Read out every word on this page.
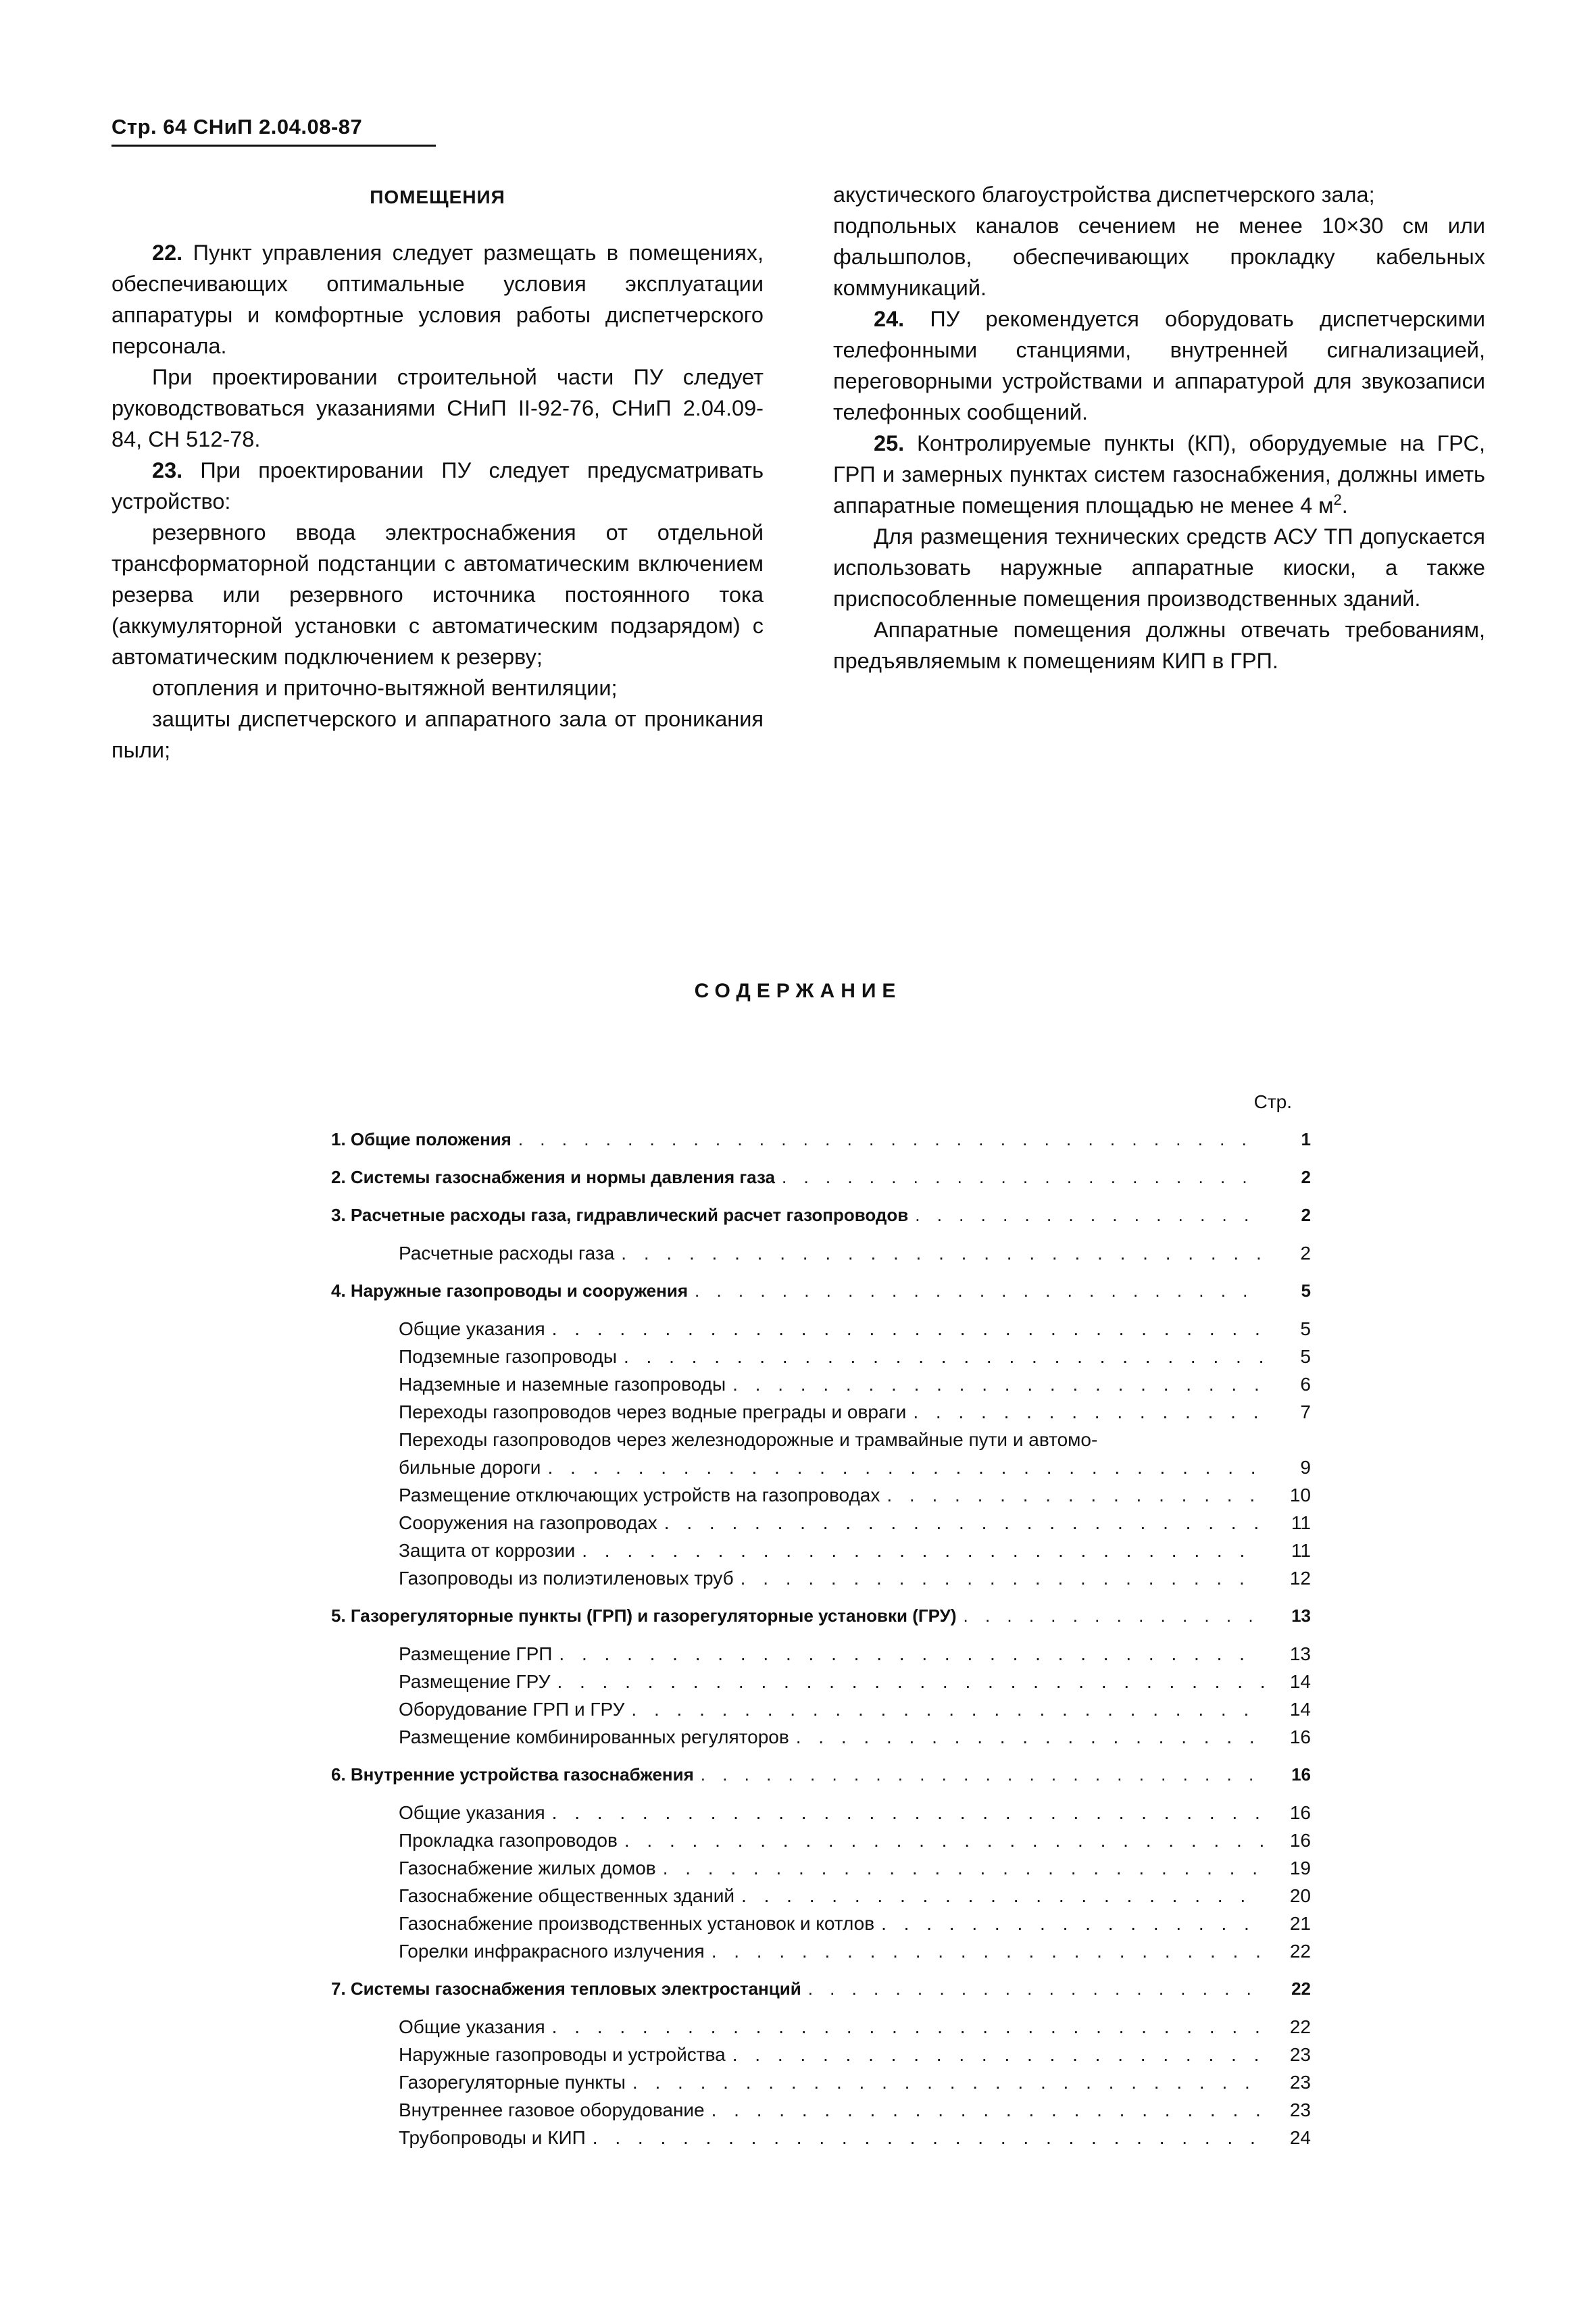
Стр. 64 СНиП 2.04.08-87
ПОМЕЩЕНИЯ

22. Пункт управления следует размещать в помещениях, обеспечивающих оптимальные условия эксплуатации аппаратуры и комфортные условия работы диспетчерского персонала.

При проектировании строительной части ПУ следует руководствоваться указаниями СНиП II-92-76, СНиП 2.04.09-84, СН 512-78.

23. При проектировании ПУ следует предусматривать устройство:

резервного ввода электроснабжения от отдельной трансформаторной подстанции с автоматическим включением резерва или резервного источника постоянного тока (аккумуляторной установки с автоматическим подзарядом) с автоматическим подключением к резерву;

отопления и приточно-вытяжной вентиляции;

защиты диспетчерского и аппаратного зала от проникания пыли;

акустического благоустройства диспетчерского зала;

подпольных каналов сечением не менее 10×30 см или фальшполов, обеспечивающих прокладку кабельных коммуникаций.

24. ПУ рекомендуется оборудовать диспетчерскими телефонными станциями, внутренней сигнализацией, переговорными устройствами и аппаратурой для звукозаписи телефонных сообщений.

25. Контролируемые пункты (КП), оборудуемые на ГРС, ГРП и замерных пунктах систем газоснабжения, должны иметь аппаратные помещения площадью не менее 4 $м^2$.

Для размещения технических средств АСУ ТП допускается использовать наружные аппаратные киоски, а также приспособленные помещения производственных зданий.

Аппаратные помещения должны отвечать требованиям, предъявляемым к помещениям КИП в ГРП.

СОДЕРЖАНИЕ
Стр.
1. Общие положения . . .	1
2. Системы газоснабжения и нормы давления газа . . .	2
3. Расчетные расходы газа, гидравлический расчет газопроводов . . .	2
Расчетные расходы газа . . .	2
4. Наружные газопроводы и сооружения . . .	5
Общие указания . . .	5
Подземные газопроводы . . .	5
Надземные и наземные газопроводы . . .	6
Переходы газопроводов через водные преграды и овраги . . .	7
Переходы газопроводов через железнодорожные и трамвайные пути и автомо-
бильные дороги . . .	9
Размещение отключающих устройств на газопроводах . . .	10
Сооружения на газопроводах . . .	11
Защита от коррозии . . .	11
Газопроводы из полиэтиленовых труб . . .	12
5. Газорегуляторные пункты (ГРП) и газорегуляторные установки (ГРУ) . . .	13
Размещение ГРП . . .	13
Размещение ГРУ . . .	14
Оборудование ГРП и ГРУ . . .	14
Размещение комбинированных регуляторов . . .	16
6. Внутренние устройства газоснабжения . . .	16
Общие указания . . .	16
Прокладка газопроводов . . .	16
Газоснабжение жилых домов . . .	19
Газоснабжение общественных зданий . . .	20
Газоснабжение производственных установок и котлов . . .	21
Горелки инфракрасного излучения . . .	22
7. Системы газоснабжения тепловых электростанций . . .	22
Общие указания . . .	22
Наружные газопроводы и устройства . . .	23
Газорегуляторные пункты . . .	23
Внутреннее газовое оборудование . . .	23
Трубопроводы и КИП . . .	24
